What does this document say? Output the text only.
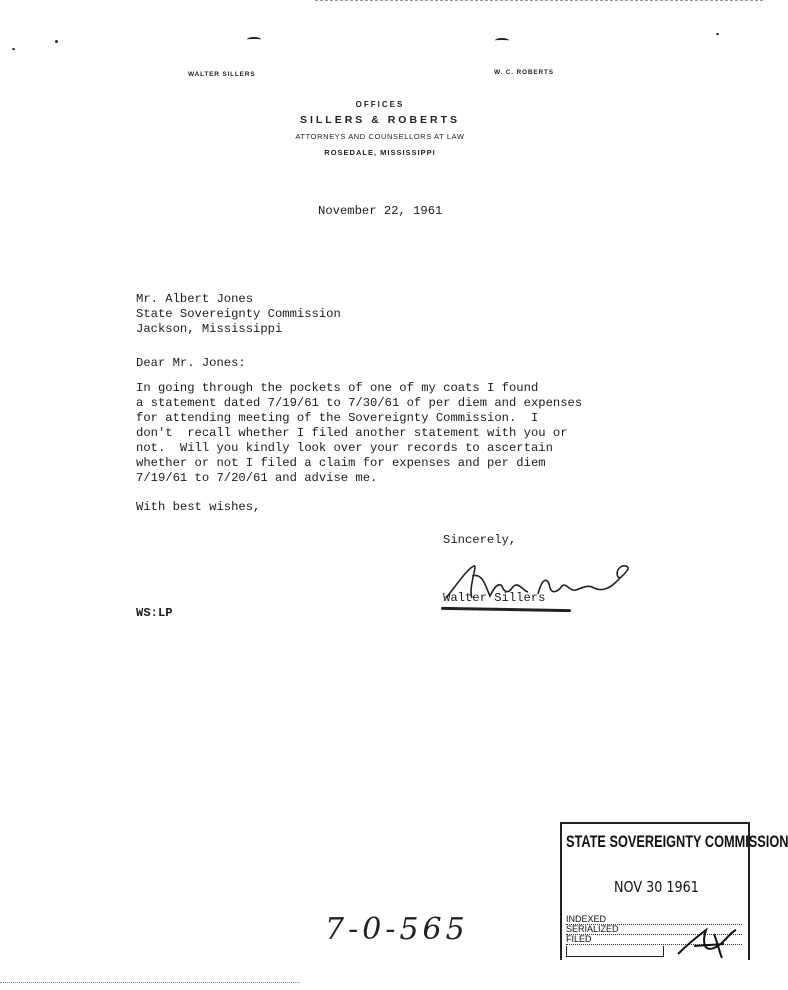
WALTER SILLERS	W. C. ROBERTS
OFFICES
SILLERS & ROBERTS
ATTORNEYS AND COUNSELLORS AT LAW
ROSEDALE, MISSISSIPPI
November 22, 1961
Mr. Albert Jones
State Sovereignty Commission
Jackson, Mississippi
Dear Mr. Jones:
In going through the pockets of one of my coats I found
a statement dated 7/19/61 to 7/30/61 of per diem and expenses
for attending meeting of the Sovereignty Commission.  I
don't  recall whether I filed another statement with you or
not.  Will you kindly look over your records to ascertain
whether or not I filed a claim for expenses and per diem
7/19/61 to 7/20/61 and advise me.
With best wishes,
Sincerely,
Walter Sillers
WS:LP
7-0-565
STATE SOVEREIGNTY COMMISSION
NOV 30 1961
INDEXED
SERIALIZED
FILED
